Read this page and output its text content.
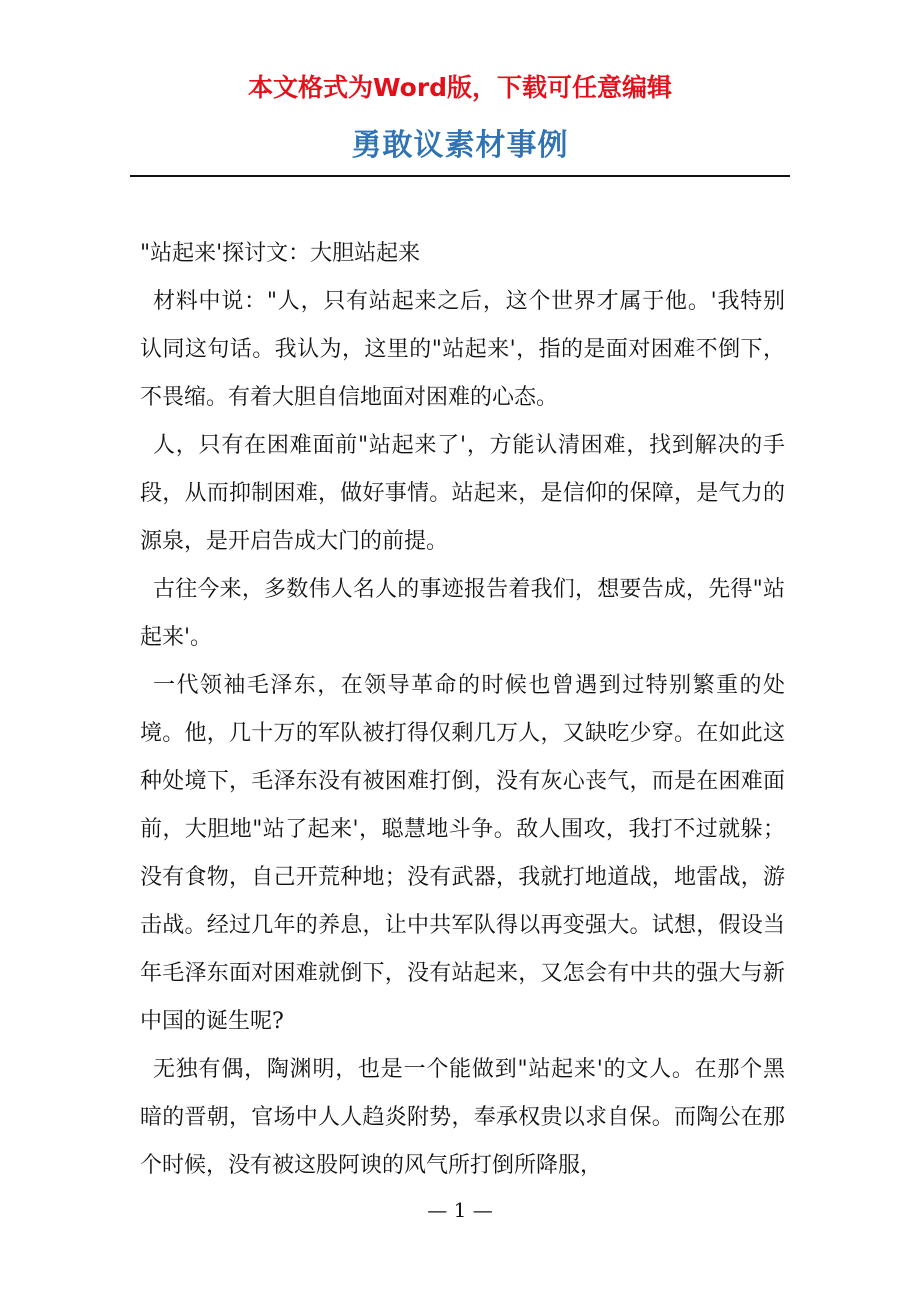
本文格式为Word版，下载可任意编辑
勇敢议素材事例

"站起来'探讨文：大胆站起来

材料中说："人，只有站起来之后，这个世界才属于他。'我特别认同这句话。我认为，这里的"站起来'，指的是面对困难不倒下，不畏缩。有着大胆自信地面对困难的心态。

人，只有在困难面前"站起来了'，方能认清困难，找到解决的手段，从而抑制困难，做好事情。站起来，是信仰的保障，是气力的源泉，是开启告成大门的前提。

古往今来，多数伟人名人的事迹报告着我们，想要告成，先得"站起来'。

一代领袖毛泽东，在领导革命的时候也曾遇到过特别繁重的处境。他，几十万的军队被打得仅剩几万人，又缺吃少穿。在如此这种处境下，毛泽东没有被困难打倒，没有灰心丧气，而是在困难面前，大胆地"站了起来'，聪慧地斗争。敌人围攻，我打不过就躲；没有食物，自己开荒种地；没有武器，我就打地道战，地雷战，游击战。经过几年的养息，让中共军队得以再变强大。试想，假设当年毛泽东面对困难就倒下，没有站起来，又怎会有中共的强大与新中国的诞生呢?

无独有偶，陶渊明，也是一个能做到"站起来'的文人。在那个黑暗的晋朝，官场中人人趋炎附势，奉承权贵以求自保。而陶公在那个时候，没有被这股阿谀的风气所打倒所降服，

— 1 —
